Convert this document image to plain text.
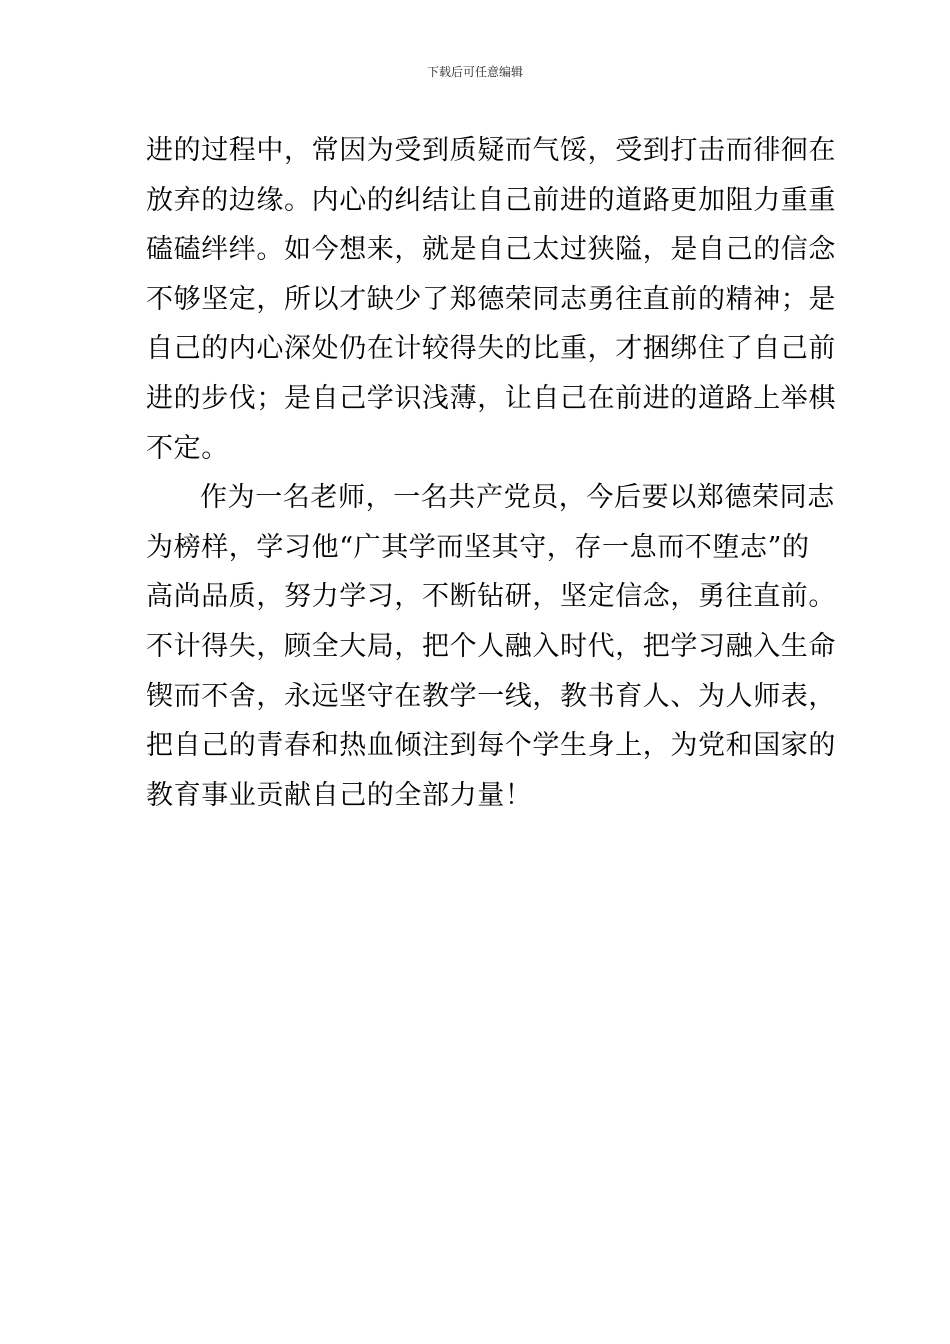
下载后可任意编辑

进的过程中，常因为受到质疑而气馁，受到打击而徘徊在
放弃的边缘。内心的纠结让自己前进的道路更加阻力重重
磕磕绊绊。如今想来，就是自己太过狭隘，是自己的信念
不够坚定，所以才缺少了郑德荣同志勇往直前的精神；是
自己的内心深处仍在计较得失的比重，才捆绑住了自己前
进的步伐；是自己学识浅薄，让自己在前进的道路上举棋
不定。

作为一名老师，一名共产党员，今后要以郑德荣同志
为榜样，学习他“广其学而坚其守，存一息而不堕志”的
高尚品质，努力学习，不断钻研，坚定信念，勇往直前。
不计得失，顾全大局，把个人融入时代，把学习融入生命
锲而不舍，永远坚守在教学一线，教书育人、为人师表，
把自己的青春和热血倾注到每个学生身上，为党和国家的
教育事业贡献自己的全部力量！
